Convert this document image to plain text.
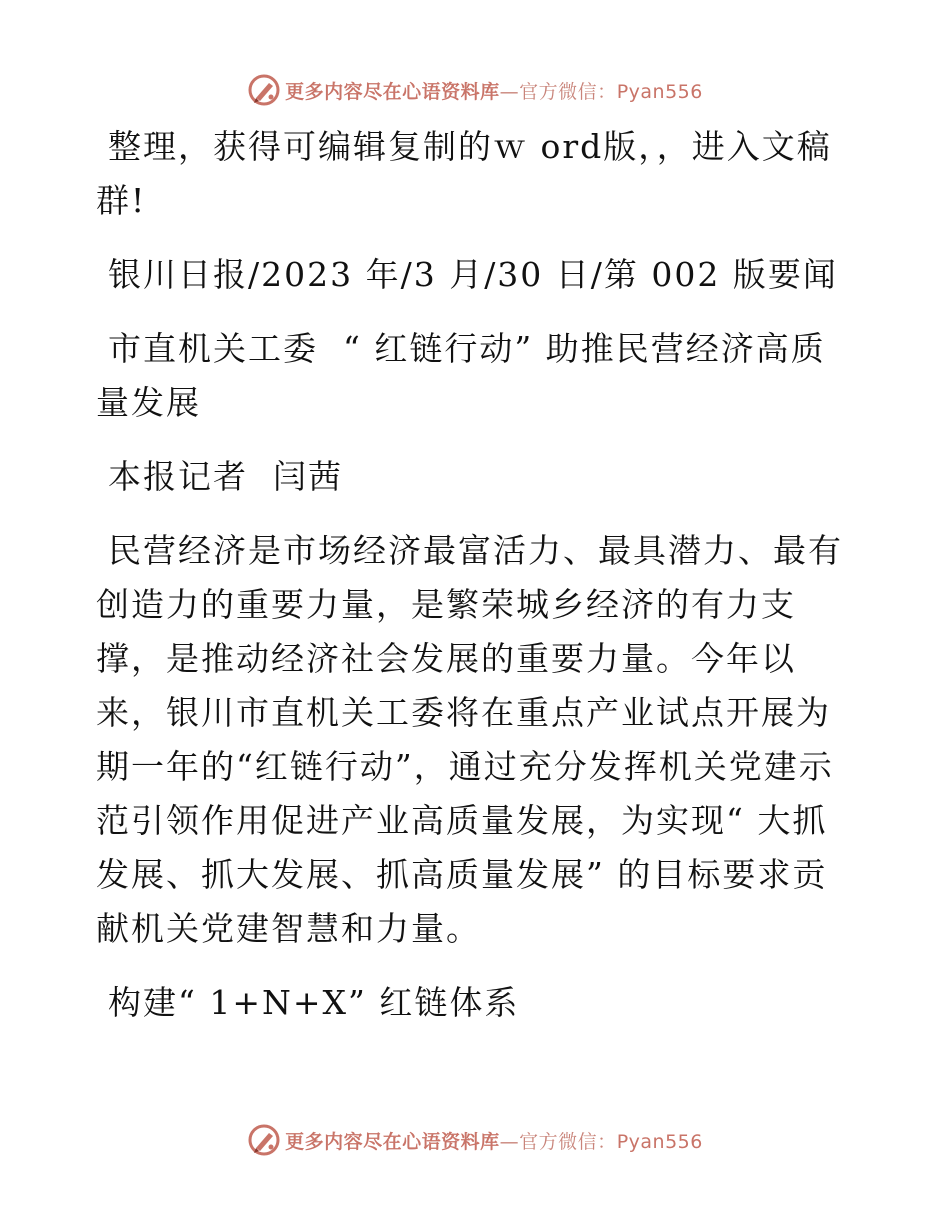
更多内容尽在心语资料库—官方微信：Pyan556

整理，获得可编辑复制的ｗ ord版，，进入文稿群!

银川日报/2023 年/3 月/30 日/第 002 版要闻

市直机关工委  “ 红链行动” 助推民营经济高质量发展

本报记者  闫茜

民营经济是市场经济最富活力、最具潜力、最有创造力的重要力量，是繁荣城乡经济的有力支撑，是推动经济社会发展的重要力量。今年以来，银川市直机关工委将在重点产业试点开展为期一年的“红链行动”，通过充分发挥机关党建示范引领作用促进产业高质量发展，为实现“ 大抓发展、抓大发展、抓高质量发展” 的目标要求贡献机关党建智慧和力量。

构建“ 1+N+X” 红链体系

更多内容尽在心语资料库—官方微信：Pyan556
